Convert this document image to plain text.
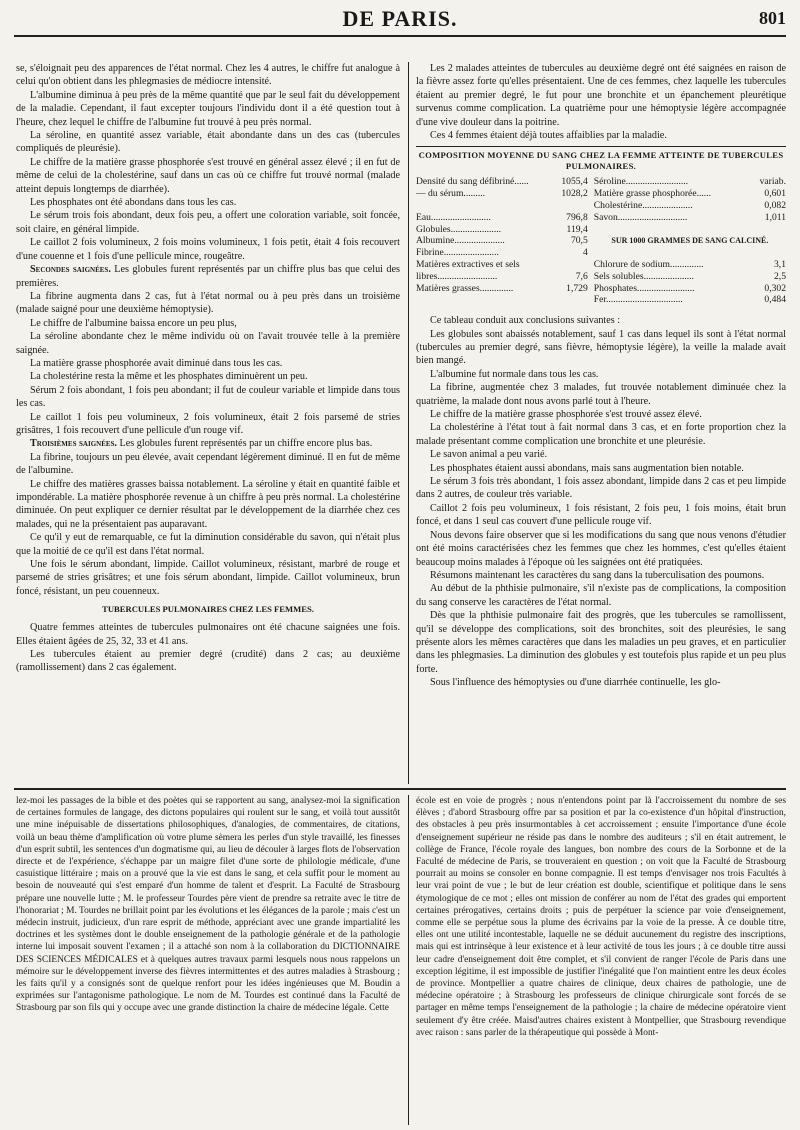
DE PARIS.	801

se, s'éloignait peu des apparences de l'état normal. Chez les 4 autres, le chiffre fut analogue à celui qu'on obtient dans les phlegmasies de médiocre intensité.

L'albumine diminua à peu près de la même quantité que par le seul fait du développement de la maladie. Cependant, il faut excepter toujours l'individu dont il a été question tout à l'heure, chez lequel le chiffre de l'albumine fut trouvé à peu près normal.

La séroline, en quantité assez variable, était abondante dans un des cas (tubercules compliqués de pleurésie).

Le chiffre de la matière grasse phosphorée s'est trouvé en général assez élevé ; il en fut de même de celui de la cholestérine, sauf dans un cas où ce chiffre fut trouvé normal (malade atteint depuis longtemps de diarrhée).

Les phosphates ont été abondans dans tous les cas.

Le sérum trois fois abondant, deux fois peu, a offert une coloration variable, soit foncée, soit claire, en général limpide.

Le caillot 2 fois volumineux, 2 fois moins volumineux, 1 fois petit, était 4 fois recouvert d'une couenne et 1 fois d'une pellicule mince, rougeâtre.

Secondes saignées. Les globules furent représentés par un chiffre plus bas que celui des premières.

La fibrine augmenta dans 2 cas, fut à l'état normal ou à peu près dans un troisième (malade saigné pour une deuxième hémoptysie).

Le chiffre de l'albumine baissa encore un peu plus,

La séroline abondante chez le même individu où on l'avait trouvée telle à la première saignée.

La matière grasse phosphorée avait diminué dans tous les cas.

La cholestérine resta la même et les phosphates diminuèrent un peu.

Sérum 2 fois abondant, 1 fois peu abondant; il fut de couleur variable et limpide dans tous les cas.

Le caillot 1 fois peu volumineux, 2 fois volumineux, était 2 fois parsemé de stries grisâtres, 1 fois recouvert d'une pellicule d'un rouge vif.

Troisièmes saignées. Les globules furent représentés par un chiffre encore plus bas.

La fibrine, toujours un peu élevée, avait cependant légèrement diminué. Il en fut de même de l'albumine.

Le chiffre des matières grasses baissa notablement. La séroline y était en quantité faible et impondérable. La matière phosphorée revenue à un chiffre à peu près normal. La cholestérine diminuée. On peut expliquer ce dernier résultat par le développement de la diarrhée chez ces malades, qui ne la présentaient pas auparavant.

Ce qu'il y eut de remarquable, ce fut la diminution considérable du savon, qui n'était plus que la moitié de ce qu'il est dans l'état normal.

Une fois le sérum abondant, limpide. Caillot volumineux, résistant, marbré de rouge et parsemé de stries grisâtres; et une fois sérum abondant, limpide. Caillot volumineux, brun foncé, résistant, un peu couenneux.

TUBERCULES PULMONAIRES CHEZ LES FEMMES.

Quatre femmes atteintes de tubercules pulmonaires ont été chacune saignées une fois. Elles étaient âgées de 25, 32, 33 et 41 ans.

Les tubercules étaient au premier degré (crudité) dans 2 cas; au deuxième (ramollissement) dans 2 cas également.

Les 2 malades atteintes de tubercules au deuxième degré ont été saignées en raison de la fièvre assez forte qu'elles présentaient. Une de ces femmes, chez laquelle les tubercules étaient au premier degré, le fut pour une bronchite et un épanchement pleurétique survenus comme complication. La quatrième pour une hémoptysie légère accompagnée d'une vive douleur dans la poitrine.

Ces 4 femmes étaient déjà toutes affaiblies par la maladie.

COMPOSITION MOYENNE DU SANG CHEZ LA FEMME ATTEINTE DE TUBERCULES
PULMONAIRES.
Densité du sang défibriné......	1055,4	Séroline..........................	variab.
— du sérum.........	1028,2	Matière grasse phosphorée......	0,601
		Cholestérine.....................	0,082
Eau.........................	796,8	Savon.............................	1,011
Globules.....................	119,4		
Albumine.....................	70,5	SUR 1000 GRAMMES DE SANG CALCINÉ.	
Fibrine.......................	4		
Matières extractives et sels		Chlorure de sodium..............	3,1
libres.........................	7,6	Sels solubles.....................	2,5
Matières grasses..............	1,729	Phosphates........................	0,302
		Fer................................	0,484

Ce tableau conduit aux conclusions suivantes :

Les globules sont abaissés notablement, sauf 1 cas dans lequel ils sont à l'état normal (tubercules au premier degré, sans fièvre, hémoptysie légère), la veille la malade avait bien mangé.

L'albumine fut normale dans tous les cas.

La fibrine, augmentée chez 3 malades, fut trouvée notablement diminuée chez la quatrième, la malade dont nous avons parlé tout à l'heure.

Le chiffre de la matière grasse phosphorée s'est trouvé assez élevé.

La cholestérine à l'état tout à fait normal dans 3 cas, et en forte proportion chez la malade présentant comme complication une bronchite et une pleurésie.

Le savon animal a peu varié.

Les phosphates étaient aussi abondans, mais sans augmentation bien notable.

Le sérum 3 fois très abondant, 1 fois assez abondant, limpide dans 2 cas et peu limpide dans 2 autres, de couleur très variable.

Caillot 2 fois peu volumineux, 1 fois résistant, 2 fois peu, 1 fois moins, était brun foncé, et dans 1 seul cas couvert d'une pellicule rouge vif.

Nous devons faire observer que si les modifications du sang que nous venons d'étudier ont été moins caractérisées chez les femmes que chez les hommes, c'est qu'elles étaient beaucoup moins malades à l'époque où les saignées ont été pratiquées.

Résumons maintenant les caractères du sang dans la tuberculisation des poumons.

Au début de la phthisie pulmonaire, s'il n'existe pas de complications, la composition du sang conserve les caractères de l'état normal.

Dès que la phthisie pulmonaire fait des progrès, que les tubercules se ramollissent, qu'il se développe des complications, soit des bronchites, soit des pleurésies, le sang présente alors les mêmes caractères que dans les maladies un peu graves, et en particulier dans les phlegmasies. La diminution des globules y est toutefois plus rapide et un peu plus forte.

Sous l'influence des hémoptysies ou d'une diarrhée continuelle, les glo-

lez-moi les passages de la bible et des poètes qui se rapportent au sang, analysez-moi la signification de certaines formules de langage, des dictons populaires qui roulent sur le sang, et voilà tout aussitôt une mine inépuisable de dissertations philosophiques, d'analogies, de commentaires, de citations, voilà un beau thème d'amplification où votre plume sèmera les perles d'un style travaillé, les finesses d'un esprit subtil, les sentences d'un dogmatisme qui, au lieu de découler à larges flots de l'observation directe et de l'expérience, s'échappe par un maigre filet d'une sorte de philologie médicale, d'une casuistique littéraire ; mais on a prouvé que la vie est dans le sang, et cela suffit pour le moment au besoin de nouveauté qui s'est emparé d'un homme de talent et d'esprit. La Faculté de Strasbourg prépare une nouvelle lutte ; M. le professeur Tourdes père vient de prendre sa retraite avec le titre de l'honorariat ; M. Tourdes ne brillait point par les évolutions et les élégances de la parole ; mais c'est un médecin instruit, judicieux, d'un rare esprit de méthode, appréciant avec une grande impartialité les doctrines et les systèmes dont le double enseignement de la pathologie générale et de la pathologie interne lui imposait souvent l'examen ; il a attaché son nom à la collaboration du DICTIONNAIRE DES SCIENCES MÉDICALES et à quelques autres travaux parmi lesquels nous nous rappelons un mémoire sur le développement inverse des fièvres intermittentes et des autres maladies à Strasbourg ; les faits qu'il y a consignés sont de quelque renfort pour les idées ingénieuses que M. Boudin a exprimées sur l'antagonisme pathologique. Le nom de M. Tourdes est continué dans la Faculté de Strasbourg par son fils qui y occupe avec une grande distinction la chaire de médecine légale. Cette

école est en voie de progrès ; nous n'entendons point par là l'accroissement du nombre de ses élèves ; d'abord Strasbourg offre par sa position et par la co-existence d'un hôpital d'instruction, des obstacles à peu près insurmontables à cet accroissement ; ensuite l'importance d'une école d'enseignement supérieur ne réside pas dans le nombre des auditeurs ; s'il en était autrement, le collège de France, l'école royale des langues, bon nombre des cours de la Sorbonne et de la Faculté de médecine de Paris, se trouveraient en question ; on voit que la Faculté de Strasbourg pourrait au moins se consoler en bonne compagnie. Il est temps d'envisager nos trois Facultés à leur vrai point de vue ; le but de leur création est double, scientifique et politique dans le sens étymologique de ce mot ; elles ont mission de conférer au nom de l'état des grades qui emportent certaines prérogatives, certains droits ; puis de perpétuer la science par voie d'enseignement, comme elle se perpétue sous la plume des écrivains par la voie de la presse. À ce double titre, elles ont une utilité incontestable, laquelle ne se déduit aucunement du registre des inscriptions, mais qui est intrinsèque à leur existence et à leur activité de tous les jours ; à ce double titre aussi leur cadre d'enseignement doit être complet, et s'il convient de ranger l'école de Paris dans une exception légitime, il est impossible de justifier l'inégalité que l'on maintient entre les deux écoles de province. Montpellier a quatre chaires de clinique, deux chaires de pathologie, une de médecine opératoire ; à Strasbourg les professeurs de clinique chirurgicale sont forcés de se partager en même temps l'enseignement de la pathologie ; la chaire de médecine opératoire vient seulement d'y être créée. Maisd'autres chaires existent à Montpellier, que Strasbourg revendique avec raison : sans parler de la thérapeutique qui possède à Mont-
